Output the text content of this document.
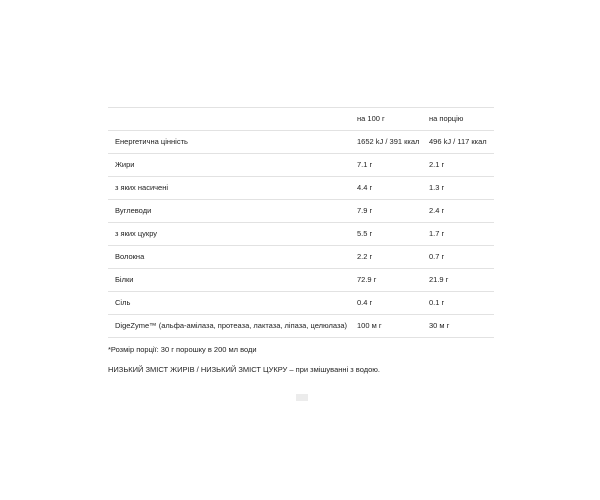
	на 100 г	на порцію
Енергетична цінність	1652 kJ / 391 ккал	496 kJ / 117 ккал
Жири	7.1 г	2.1 г
з яких насичені	4.4 г	1.3 г
Вуглеводи	7.9 г	2.4 г
з яких цукру	5.5 г	1.7 г
Волокна	2.2 г	0.7 г
Білки	72.9 г	21.9 г
Сіль	0.4 г	0.1 г
DigeZyme™ (альфа-амілаза, протеаза, лактаза, ліпаза, целюлаза)	100 м г	30 м г

*Розмір порції: 30 г порошку в 200 мл води

НИЗЬКИЙ ЗМІСТ ЖИРІВ / НИЗЬКИЙ ЗМІСТ ЦУКРУ – при змішуванні з водою.
